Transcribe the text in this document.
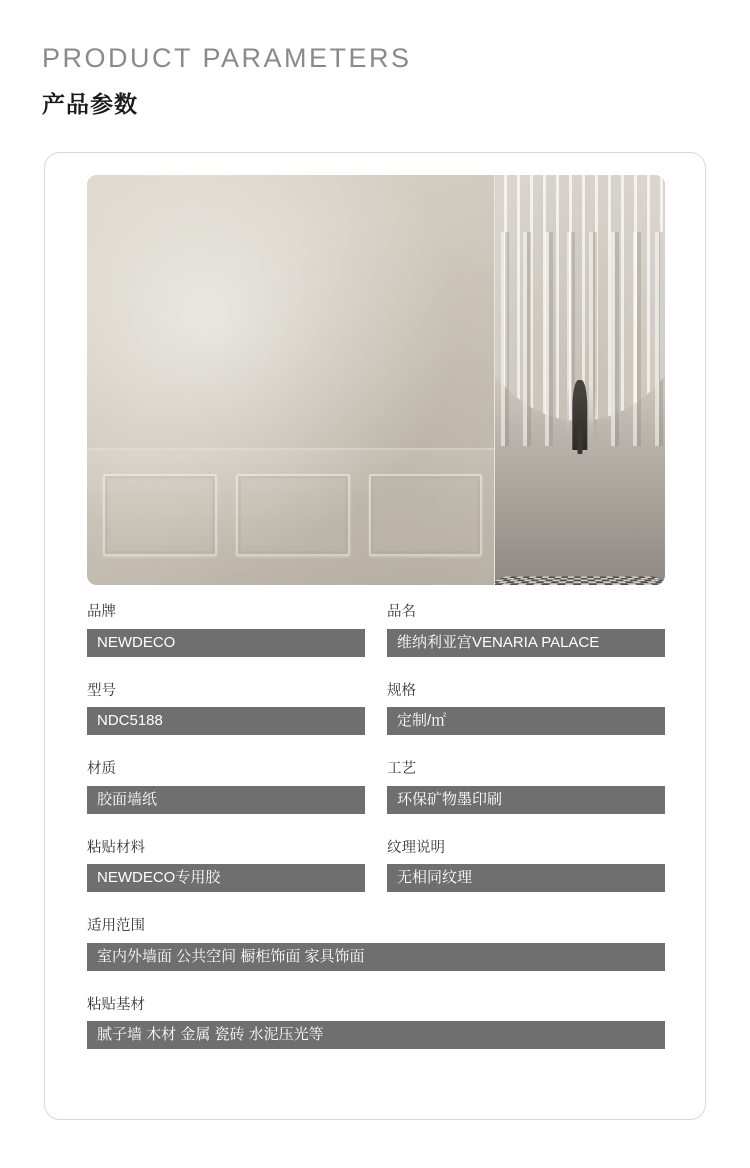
PRODUCT PARAMETERS
产品参数
品牌
NEWDECO
品名
维纳利亚宫VENARIA PALACE
型号
NDC5188
规格
定制/㎡
材质
胶面墙纸
工艺
环保矿物墨印刷
粘贴材料
NEWDECO专用胶
纹理说明
无相同纹理
适用范围
室内外墙面 公共空间 橱柜饰面 家具饰面
粘贴基材
腻子墙 木材 金属 瓷砖 水泥压光等
